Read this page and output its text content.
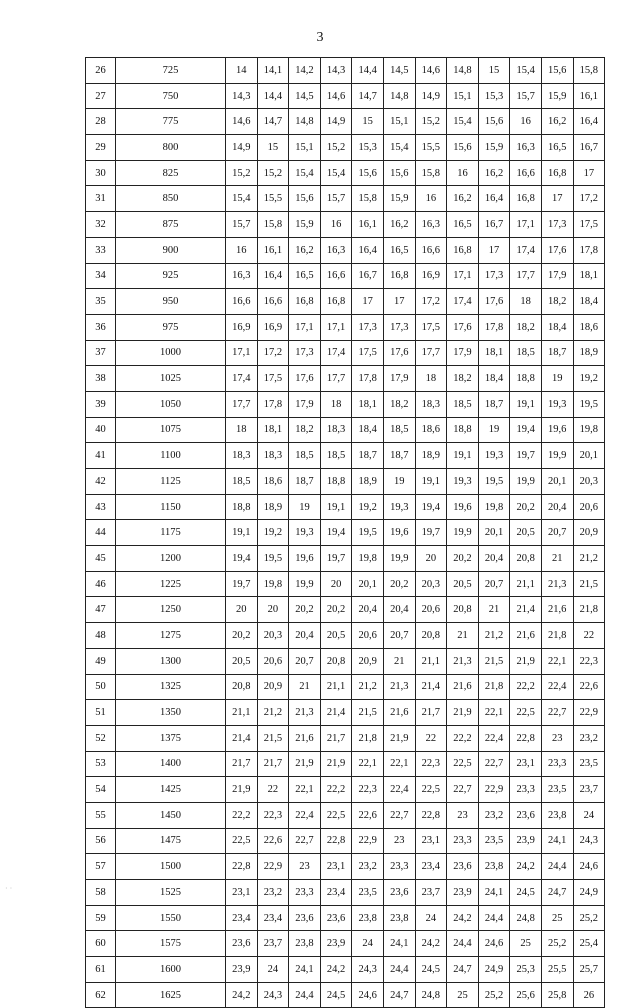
3
26	725	14	14,1	14,2	14,3	14,4	14,5	14,6	14,8	15	15,4	15,6	15,8
27	750	14,3	14,4	14,5	14,6	14,7	14,8	14,9	15,1	15,3	15,7	15,9	16,1
28	775	14,6	14,7	14,8	14,9	15	15,1	15,2	15,4	15,6	16	16,2	16,4
29	800	14,9	15	15,1	15,2	15,3	15,4	15,5	15,6	15,9	16,3	16,5	16,7
30	825	15,2	15,2	15,4	15,4	15,6	15,6	15,8	16	16,2	16,6	16,8	17
31	850	15,4	15,5	15,6	15,7	15,8	15,9	16	16,2	16,4	16,8	17	17,2
32	875	15,7	15,8	15,9	16	16,1	16,2	16,3	16,5	16,7	17,1	17,3	17,5
33	900	16	16,1	16,2	16,3	16,4	16,5	16,6	16,8	17	17,4	17,6	17,8
34	925	16,3	16,4	16,5	16,6	16,7	16,8	16,9	17,1	17,3	17,7	17,9	18,1
35	950	16,6	16,6	16,8	16,8	17	17	17,2	17,4	17,6	18	18,2	18,4
36	975	16,9	16,9	17,1	17,1	17,3	17,3	17,5	17,6	17,8	18,2	18,4	18,6
37	1000	17,1	17,2	17,3	17,4	17,5	17,6	17,7	17,9	18,1	18,5	18,7	18,9
38	1025	17,4	17,5	17,6	17,7	17,8	17,9	18	18,2	18,4	18,8	19	19,2
39	1050	17,7	17,8	17,9	18	18,1	18,2	18,3	18,5	18,7	19,1	19,3	19,5
40	1075	18	18,1	18,2	18,3	18,4	18,5	18,6	18,8	19	19,4	19,6	19,8
41	1100	18,3	18,3	18,5	18,5	18,7	18,7	18,9	19,1	19,3	19,7	19,9	20,1
42	1125	18,5	18,6	18,7	18,8	18,9	19	19,1	19,3	19,5	19,9	20,1	20,3
43	1150	18,8	18,9	19	19,1	19,2	19,3	19,4	19,6	19,8	20,2	20,4	20,6
44	1175	19,1	19,2	19,3	19,4	19,5	19,6	19,7	19,9	20,1	20,5	20,7	20,9
45	1200	19,4	19,5	19,6	19,7	19,8	19,9	20	20,2	20,4	20,8	21	21,2
46	1225	19,7	19,8	19,9	20	20,1	20,2	20,3	20,5	20,7	21,1	21,3	21,5
47	1250	20	20	20,2	20,2	20,4	20,4	20,6	20,8	21	21,4	21,6	21,8
48	1275	20,2	20,3	20,4	20,5	20,6	20,7	20,8	21	21,2	21,6	21,8	22
49	1300	20,5	20,6	20,7	20,8	20,9	21	21,1	21,3	21,5	21,9	22,1	22,3
50	1325	20,8	20,9	21	21,1	21,2	21,3	21,4	21,6	21,8	22,2	22,4	22,6
51	1350	21,1	21,2	21,3	21,4	21,5	21,6	21,7	21,9	22,1	22,5	22,7	22,9
52	1375	21,4	21,5	21,6	21,7	21,8	21,9	22	22,2	22,4	22,8	23	23,2
53	1400	21,7	21,7	21,9	21,9	22,1	22,1	22,3	22,5	22,7	23,1	23,3	23,5
54	1425	21,9	22	22,1	22,2	22,3	22,4	22,5	22,7	22,9	23,3	23,5	23,7
55	1450	22,2	22,3	22,4	22,5	22,6	22,7	22,8	23	23,2	23,6	23,8	24
56	1475	22,5	22,6	22,7	22,8	22,9	23	23,1	23,3	23,5	23,9	24,1	24,3
57	1500	22,8	22,9	23	23,1	23,2	23,3	23,4	23,6	23,8	24,2	24,4	24,6
58	1525	23,1	23,2	23,3	23,4	23,5	23,6	23,7	23,9	24,1	24,5	24,7	24,9
59	1550	23,4	23,4	23,6	23,6	23,8	23,8	24	24,2	24,4	24,8	25	25,2
60	1575	23,6	23,7	23,8	23,9	24	24,1	24,2	24,4	24,6	25	25,2	25,4
61	1600	23,9	24	24,1	24,2	24,3	24,4	24,5	24,7	24,9	25,3	25,5	25,7
62	1625	24,2	24,3	24,4	24,5	24,6	24,7	24,8	25	25,2	25,6	25,8	26
· ·
